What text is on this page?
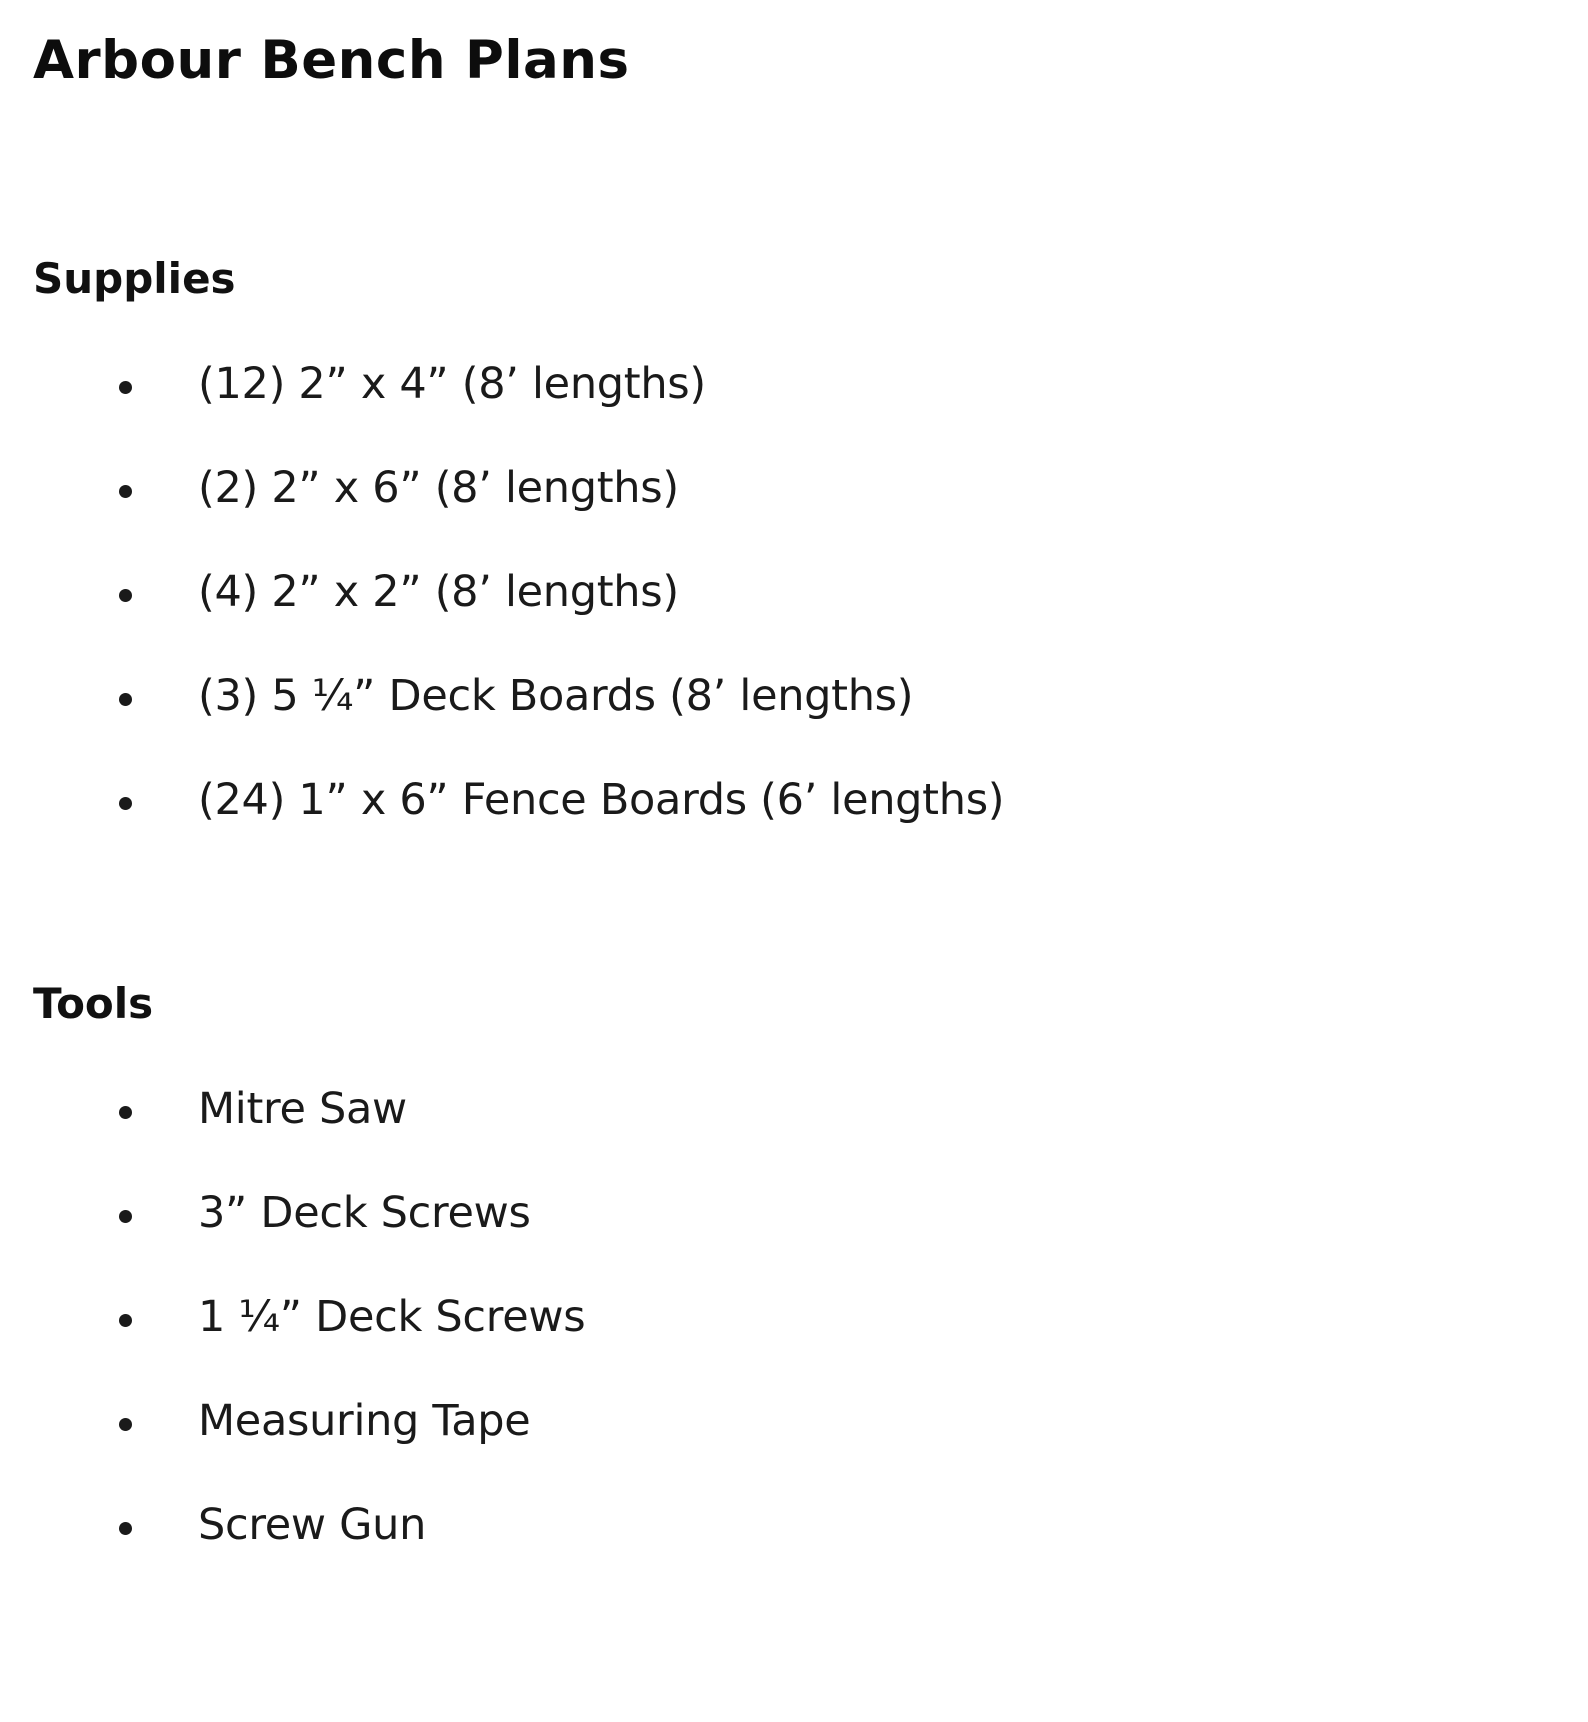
Arbour Bench Plans
Supplies
(12) 2” x 4” (8’ lengths)
(2) 2” x 6” (8’ lengths)
(4) 2” x 2” (8’ lengths)
(3) 5 ¼” Deck Boards (8’ lengths)
(24) 1” x 6” Fence Boards (6’ lengths)
Tools
Mitre Saw
3” Deck Screws
1 ¼” Deck Screws
Measuring Tape
Screw Gun
